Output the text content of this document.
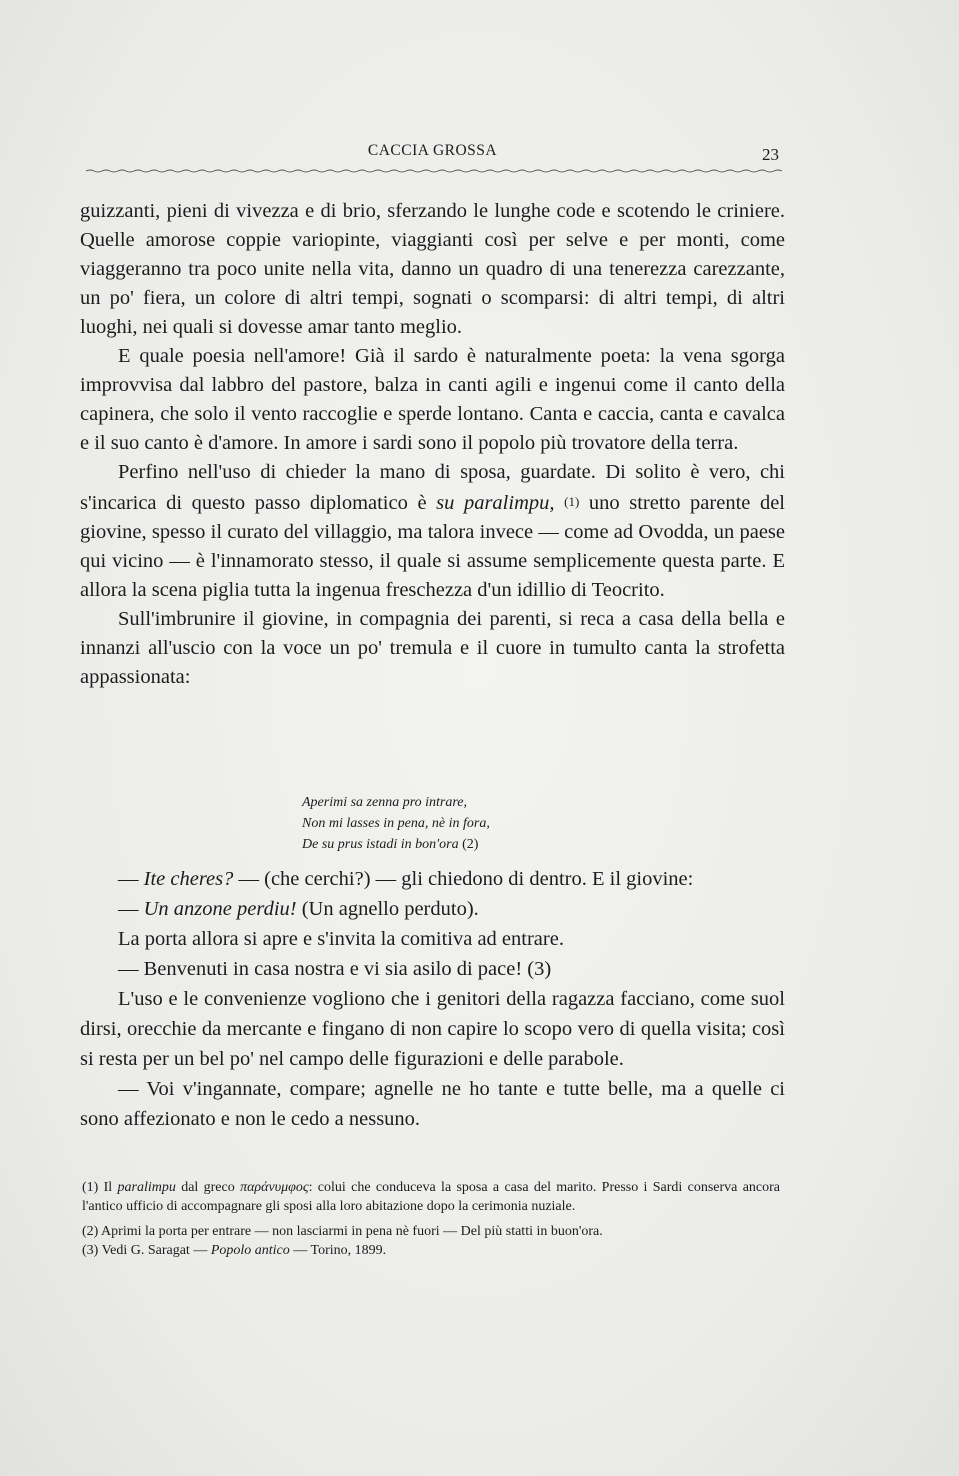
CACCIA GROSSA	23

guizzanti, pieni di vivezza e di brio, sferzando le lunghe code e scotendo le criniere. Quelle amorose coppie variopinte, viaggianti così per selve e per monti, come viaggeranno tra poco unite nella vita, danno un quadro di una tenerezza carezzante, un po' fiera, un colore di altri tempi, sognati o scomparsi: di altri tempi, di altri luoghi, nei quali si dovesse amar tanto meglio.

E quale poesia nell'amore! Già il sardo è naturalmente poeta: la vena sgorga improvvisa dal labbro del pastore, balza in canti agili e ingenui come il canto della capinera, che solo il vento raccoglie e sperde lontano. Canta e caccia, canta e cavalca e il suo canto è d'amore. In amore i sardi sono il popolo più trovatore della terra.

Perfino nell'uso di chieder la mano di sposa, guardate. Di solito è vero, chi s'incarica di questo passo diplomatico è su paralimpu, (1) uno stretto parente del giovine, spesso il curato del villaggio, ma talora invece — come ad Ovodda, un paese qui vicino — è l'innamorato stesso, il quale si assume semplicemente questa parte. E allora la scena piglia tutta la ingenua freschezza d'un idillio di Teocrito.

Sull'imbrunire il giovine, in compagnia dei parenti, si reca a casa della bella e innanzi all'uscio con la voce un po' tremula e il cuore in tumulto canta la strofetta appassionata:

Aperimi sa zenna pro intrare,
Non mi lasses in pena, nè in fora,
De su prus istadi in bon'ora (2)

— Ite cheres? — (che cerchi?) — gli chiedono di dentro. E il giovine:

— Un anzone perdiu! (Un agnello perduto).

La porta allora si apre e s'invita la comitiva ad entrare.

— Benvenuti in casa nostra e vi sia asilo di pace! (3)

L'uso e le convenienze vogliono che i genitori della ragazza facciano, come suol dirsi, orecchie da mercante e fingano di non capire lo scopo vero di quella visita; così si resta per un bel po' nel campo delle figurazioni e delle parabole.

— Voi v'ingannate, compare; agnelle ne ho tante e tutte belle, ma a quelle ci sono affezionato e non le cedo a nessuno.

(1) Il paralimpu dal greco παράνυμφος: colui che conduceva la sposa a casa del marito. Presso i Sardi conserva ancora l'antico ufficio di accompagnare gli sposi alla loro abitazione dopo la cerimonia nuziale.

(2) Aprimi la porta per entrare — non lasciarmi in pena nè fuori — Del più statti in buon'ora.

(3) Vedi G. Saragat — Popolo antico — Torino, 1899.
